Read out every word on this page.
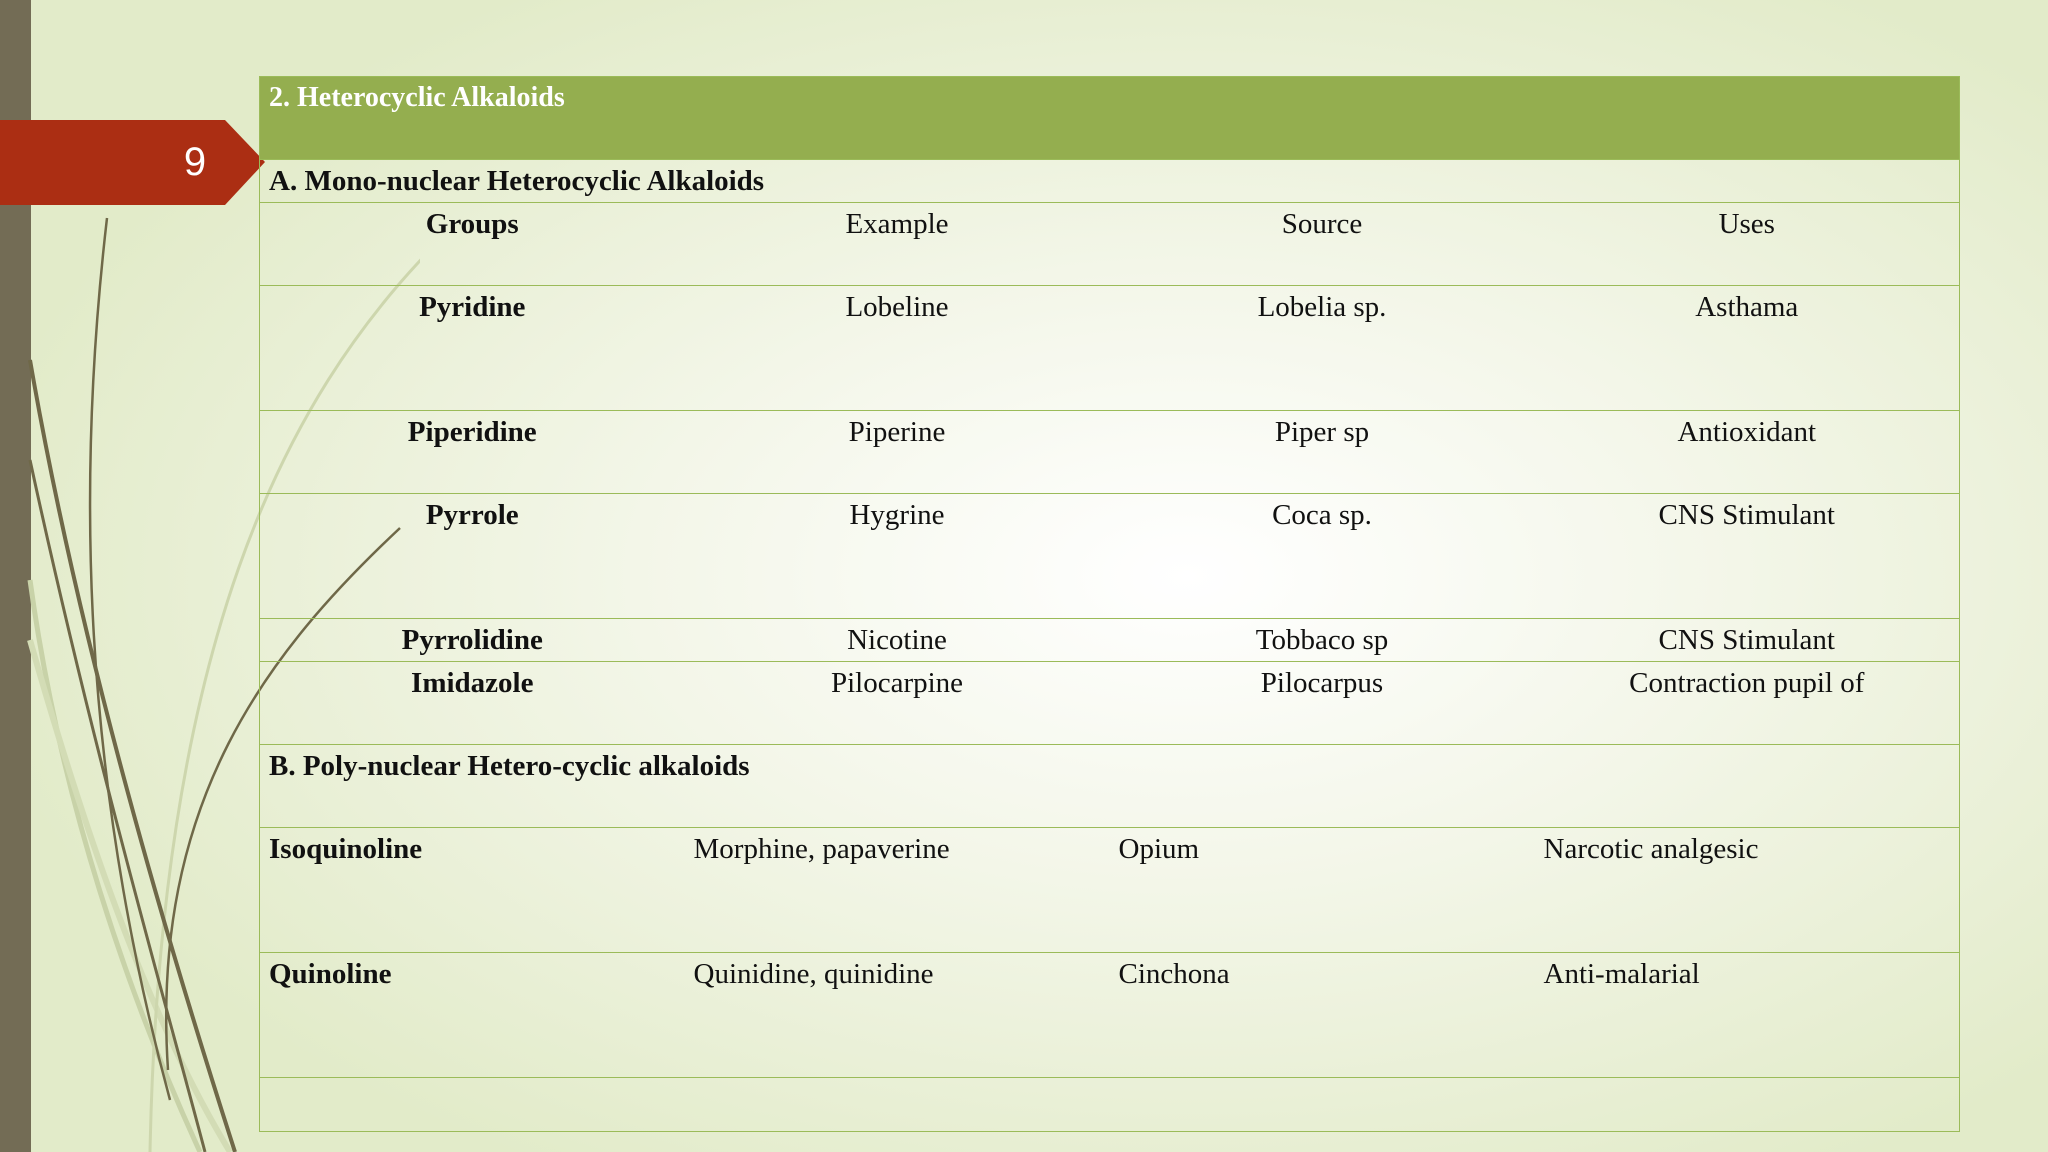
9
2. Heterocyclic Alkaloids			
A. Mono-nuclear Heterocyclic Alkaloids			
Groups	Example	Source	Uses
Pyridine	Lobeline	Lobelia sp.	Asthama
Piperidine	Piperine	Piper sp	Antioxidant
Pyrrole	Hygrine	Coca sp.	CNS Stimulant
Pyrrolidine	Nicotine	Tobbaco sp	CNS Stimulant
Imidazole	Pilocarpine	Pilocarpus	Contraction pupil of
B. Poly-nuclear Hetero-cyclic alkaloids			
Isoquinoline	Morphine, papaverine	Opium	Narcotic analgesic
Quinoline	Quinidine, quinidine	Cinchona	Anti-malarial
